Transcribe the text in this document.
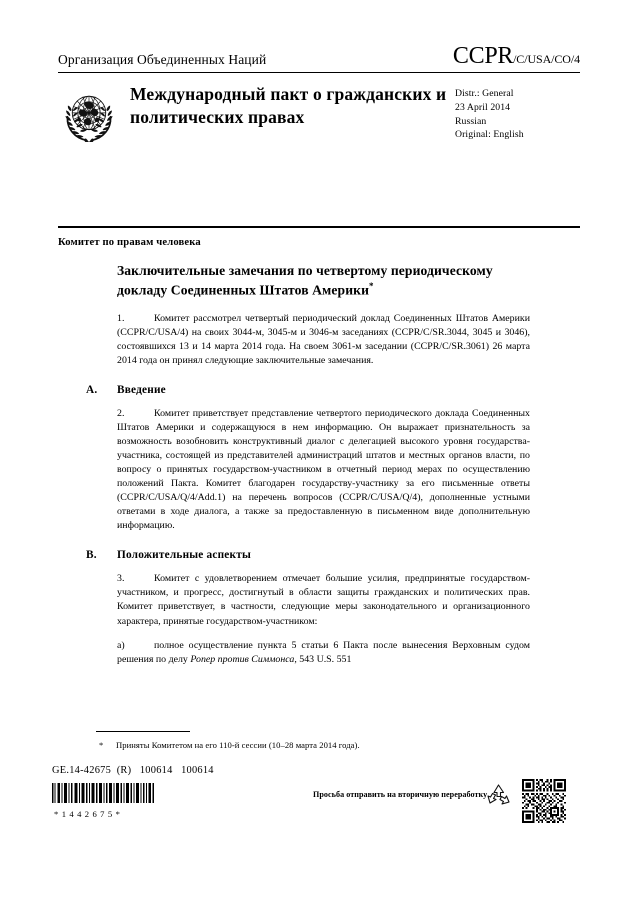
Организация Объединенных Наций	CCPR/C/USA/CO/4
Международный пакт о гражданских и политических правах
Distr.: General
23 April 2014
Russian
Original: English
Комитет по правам человека
Заключительные замечания по четвертому периодическому докладу Соединенных Штатов Америки*
1.	Комитет рассмотрел четвертый периодический доклад Соединенных Штатов Америки (CCPR/C/USA/4) на своих 3044-м, 3045-м и 3046-м заседаниях (CCPR/C/SR.3044, 3045 и 3046), состоявшихся 13 и 14 марта 2014 года. На своем 3061-м заседании (CCPR/C/SR.3061) 26 марта 2014 года он принял следующие заключительные замечания.
A. Введение
2.	Комитет приветствует представление четвертого периодического доклада Соединенных Штатов Америки и содержащуюся в нем информацию. Он выражает признательность за возможность возобновить конструктивный диалог с делегацией высокого уровня государства-участника, состоящей из представителей администраций штатов и местных органов власти, по вопросу о принятых государством-участником в отчетный период мерах по осуществлению положений Пакта. Комитет благодарен государству-участнику за его письменные ответы (CCPR/C/USA/Q/4/Add.1) на перечень вопросов (CCPR/C/USA/Q/4), дополненные устными ответами в ходе диалога, а также за предоставленную в письменном виде дополнительную информацию.
B. Положительные аспекты
3.	Комитет с удовлетворением отмечает большие усилия, предпринятые государством-участником, и прогресс, достигнутый в области защиты гражданских и политических прав. Комитет приветствует, в частности, следующие меры законодательного и организационного характера, принятые государством-участником:
a)	полное осуществление пункта 5 статьи 6 Пакта после вынесения Верховным судом решения по делу Ропер против Симмонса, 543 U.S. 551
* Приняты Комитетом на его 110-й сессии (10–28 марта 2014 года).
GE.14-42675  (R)   100614   100614
*1442675*
Просьба отправить на вторичную переработку
